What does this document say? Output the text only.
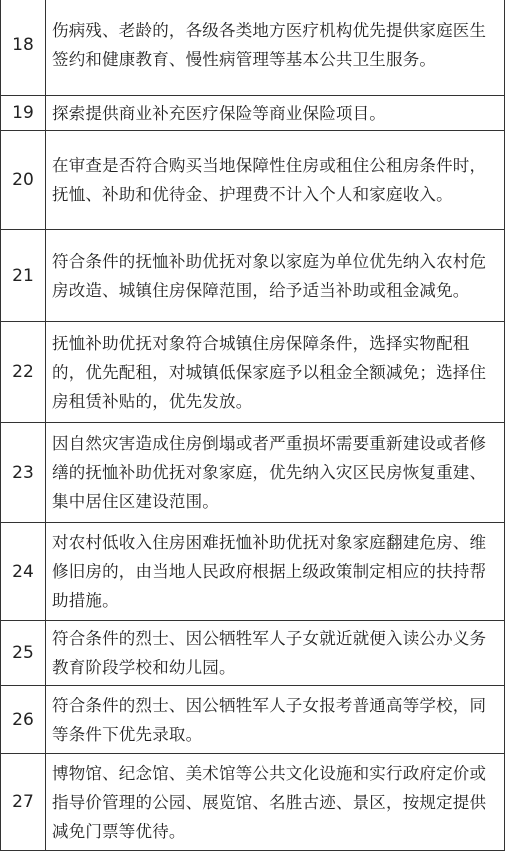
18	伤病残、老龄的，各级各类地方医疗机构优先提供家庭医生签约和健康教育、慢性病管理等基本公共卫生服务。
19	探索提供商业补充医疗保险等商业保险项目。
20	在审查是否符合购买当地保障性住房或租住公租房条件时，抚恤、补助和优待金、护理费不计入个人和家庭收入。
21	符合条件的抚恤补助优抚对象以家庭为单位优先纳入农村危房改造、城镇住房保障范围，给予适当补助或租金减免。
22	抚恤补助优抚对象符合城镇住房保障条件，选择实物配租的，优先配租，对城镇低保家庭予以租金全额减免；选择住房租赁补贴的，优先发放。
23	因自然灾害造成住房倒塌或者严重损坏需要重新建设或者修缮的抚恤补助优抚对象家庭，优先纳入灾区民房恢复重建、集中居住区建设范围。
24	对农村低收入住房困难抚恤补助优抚对象家庭翻建危房、维修旧房的，由当地人民政府根据上级政策制定相应的扶持帮助措施。
25	符合条件的烈士、因公牺牲军人子女就近就便入读公办义务教育阶段学校和幼儿园。
26	符合条件的烈士、因公牺牲军人子女报考普通高等学校，同等条件下优先录取。
27	博物馆、纪念馆、美术馆等公共文化设施和实行政府定价或指导价管理的公园、展览馆、名胜古迹、景区，按规定提供减免门票等优待。
